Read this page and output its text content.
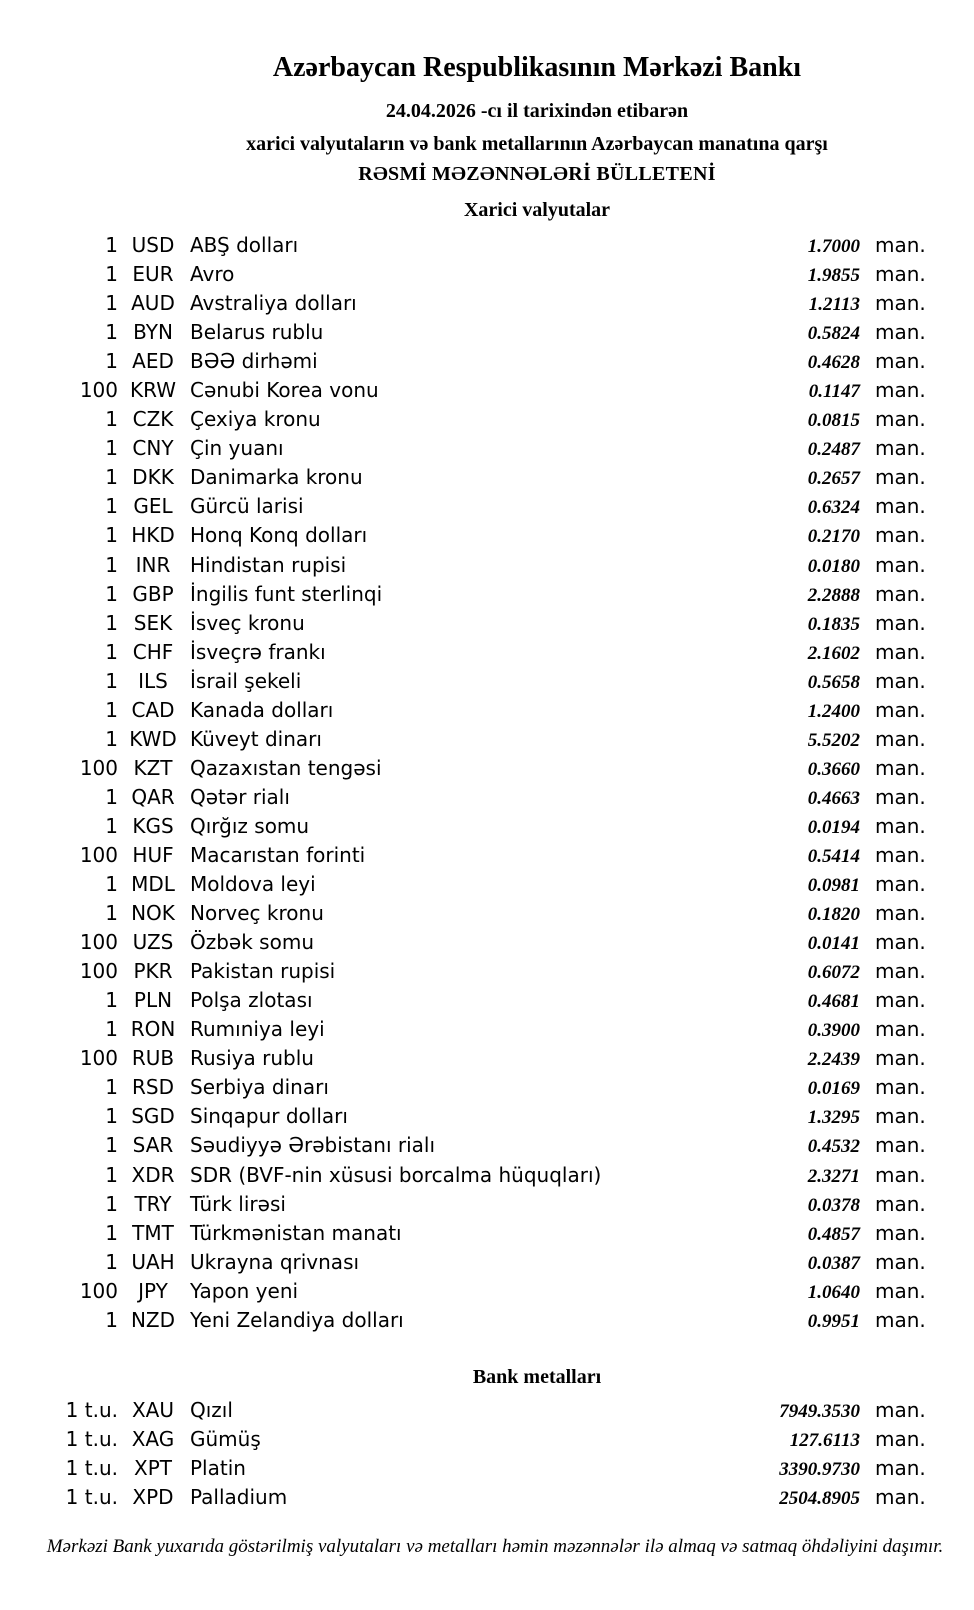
Azərbaycan Respublikasının Mərkəzi Bankı
24.04.2026 -cı il tarixindən etibarən
xarici valyutaların və bank metallarının Azərbaycan manatına qarşı
RƏSMİ MƏZƏNNƏLƏRİ BÜLLETENİ
Xarici valyutalar
1 USD ABŞ dolları	1.7000 man.
1 EUR Avro	1.9855 man.
1 AUD Avstraliya dolları	1.2113 man.
1 BYN Belarus rublu	0.5824 man.
1 AED BƏƏ dirhəmi	0.4628 man.
100 KRW Cənubi Korea vonu	0.1147 man.
1 CZK Çexiya kronu	0.0815 man.
1 CNY Çin yuanı	0.2487 man.
1 DKK Danimarka kronu	0.2657 man.
1 GEL Gürcü larisi	0.6324 man.
1 HKD Honq Konq dolları	0.2170 man.
1 INR Hindistan rupisi	0.0180 man.
1 GBP İngilis funt sterlinqi	2.2888 man.
1 SEK İsveç kronu	0.1835 man.
1 CHF İsveçrə frankı	2.1602 man.
1	ILS	İsrail şekeli	0.5658 man.
1 CAD Kanada dolları	1.2400 man.
1 KWD Küveyt dinarı	5.5202 man.
100 KZT Qazaxıstan tengəsi	0.3660 man.
1 QAR Qətər rialı	0.4663 man.
1 KGS Qırğız somu	0.0194 man.
100 HUF Macarıstan forinti	0.5414 man.
1 MDL Moldova leyi	0.0981 man.
1 NOK Norveç kronu	0.1820 man.
100 UZS Özbək somu	0.0141 man.
100 PKR Pakistan rupisi	0.6072 man.
1 PLN Polşa zlotası	0.4681 man.
1 RON Rumıniya leyi	0.3900 man.
100 RUB Rusiya rublu	2.2439 man.
1 RSD Serbiya dinarı	0.0169 man.
1 SGD Sinqapur dolları	1.3295 man.
1 SAR Səudiyyə Ərəbistanı rialı	0.4532 man.
1 XDR SDR (BVF-nin xüsusi borcalma hüquqları)	2.3271 man.
1 TRY Türk lirəsi	0.0378 man.
1 TMT Türkmənistan manatı	0.4857 man.
1 UAH Ukrayna qrivnası	0.0387 man.
100	JPY	Yapon yeni	1.0640 man.
1 NZD Yeni Zelandiya dolları	0.9951 man.
Bank metalları
1 t.u. XAU Qızıl	7949.3530 man.
1 t.u. XAG Gümüş	127.6113 man.
1 t.u. XPT Platin	3390.9730 man.
1 t.u. XPD Palladium	2504.8905 man.
Mərkəzi Bank yuxarıda göstərilmiş valyutaları və metalları həmin məzənnələr ilə almaq və satmaq öhdəliyini daşımır.
